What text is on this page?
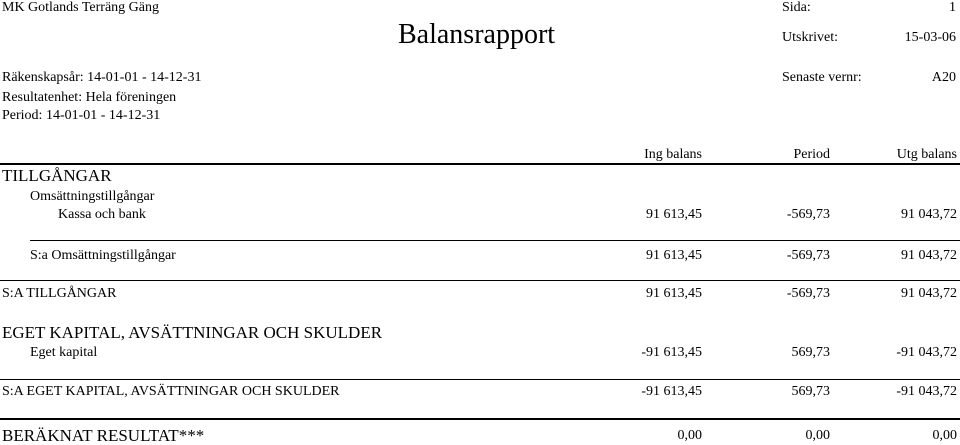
MK Gotlands Terräng Gäng
Balansrapport
Sida:	1
Utskrivet:	15-03-06
Räkenskapsår: 14-01-01 - 14-12-31
Resultatenhet: Hela föreningen
Period: 14-01-01 - 14-12-31
Senaste vernr:	A20
Ing balans	Period	Utg balans
TILLGÅNGAR
Omsättningstillgångar
Kassa och bank	91 613,45	-569,73	91 043,72
S:a Omsättningstillgångar	91 613,45	-569,73	91 043,72
S:A TILLGÅNGAR	91 613,45	-569,73	91 043,72
EGET KAPITAL, AVSÄTTNINGAR OCH SKULDER
Eget kapital	-91 613,45	569,73	-91 043,72
S:A EGET KAPITAL, AVSÄTTNINGAR OCH SKULDER	-91 613,45	569,73	-91 043,72
BERÄKNAT RESULTAT***	0,00	0,00	0,00
